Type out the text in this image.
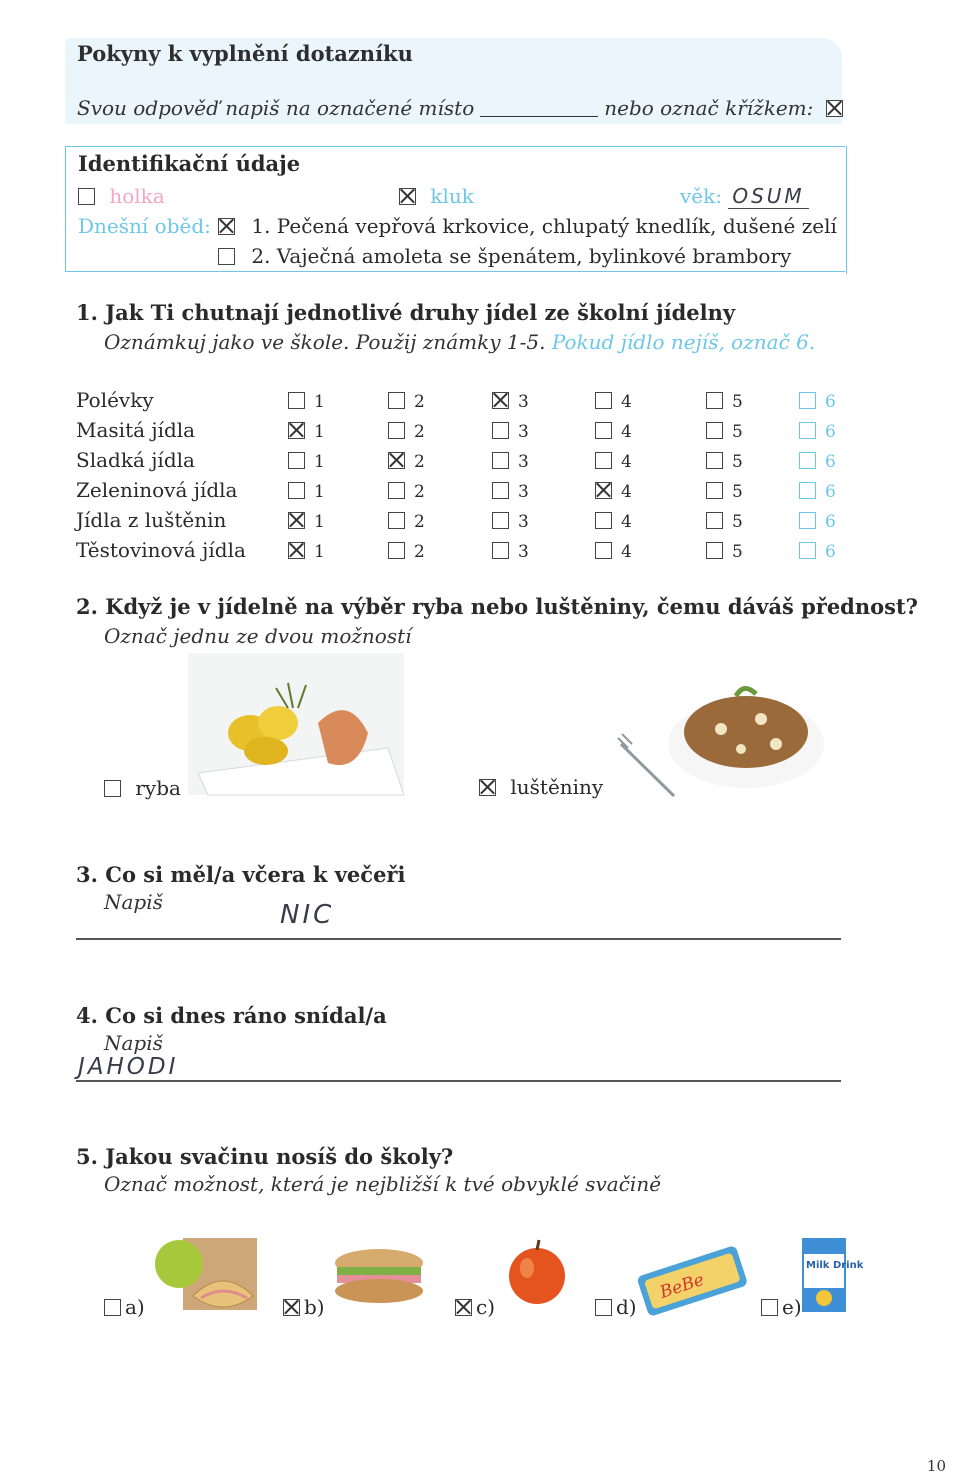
Pokyny k vyplnění dotazníku
Svou odpověď napiš na označené místo	nebo označ křížkem:
Identifikační údaje
holka	kluk	věk: OSUM
Dnešní oběd:	1. Pečená vepřová krkovice, chlupatý knedlík, dušené zelí
2. Vaječná amoleta se špenátem, bylinkové brambory
1. Jak Ti chutnají jednotlivé druhy jídel ze školní jídelny
Oznámkuj jako ve škole. Použij známky 1-5. Pokud jídlo nejíš, označ 6.
Polévky	1	2	3	4	5	6
Masitá jídla	1	2	3	4	5	6
Sladká jídla	1	2	3	4	5	6
Zeleninová jídla	1	2	3	4	5	6
Jídla z luštěnin	1	2	3	4	5	6
Těstovinová jídla	1	2	3	4	5	6
2. Když je v jídelně na výběr ryba nebo luštěniny, čemu dáváš přednost?
Označ jednu ze dvou možností
ryba	luštěniny
3. Co si měl/a včera k večeři
Napiš	NIC
4. Co si dnes ráno snídal/a
Napiš
JAHODI
5. Jakou svačinu nosíš do školy?
Označ možnost, která je nejbližší k tvé obvyklé svačině
BeBe
Milk Drink
a)	b)	c)	d)	e)
10
